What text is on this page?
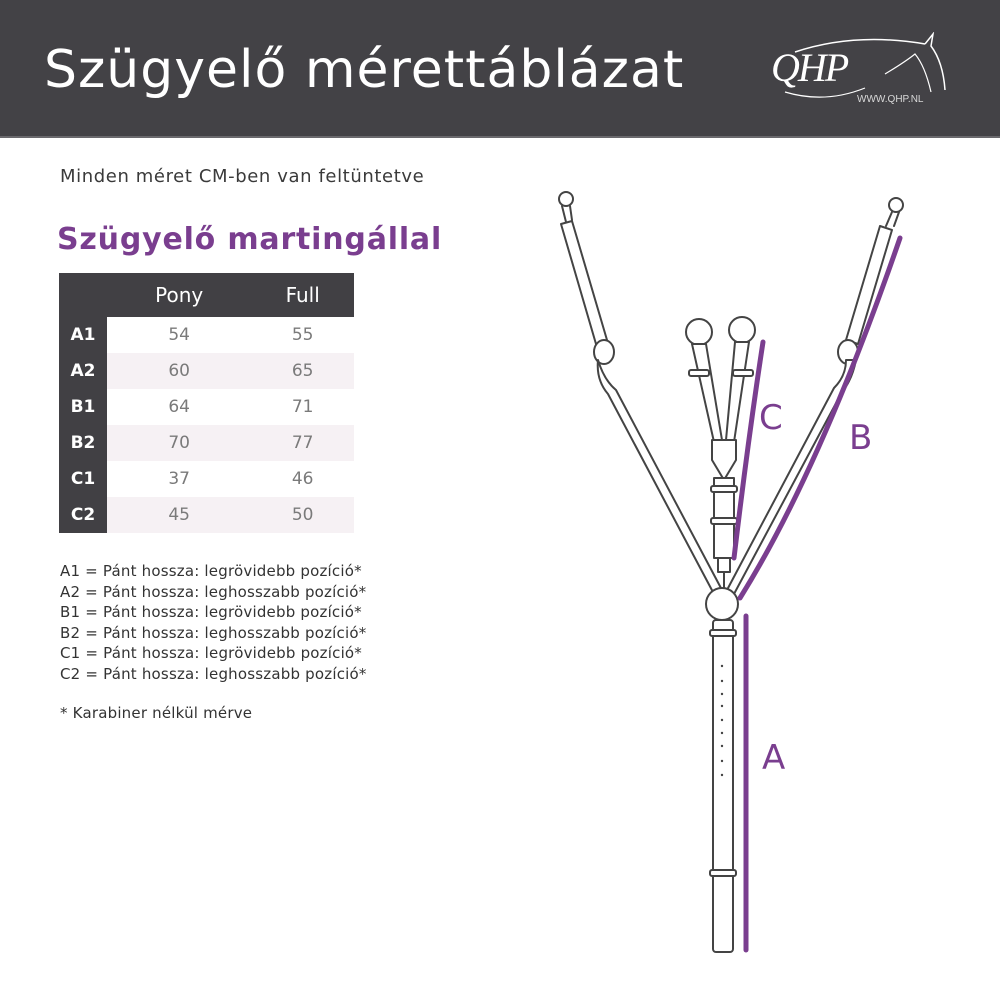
Szügyelő mérettáblázat QHP
WWW.QHP.NL
Minden méret CM-ben van feltüntetve
Szügyelő martingállal
	Pony	Full
A1	54	55
A2	60	65
B1	64	71
B2	70	77
C1	37	46
C2	45	50
A1 = Pánt hossza: legrövidebb pozíció*
A2 = Pánt hossza: leghosszabb pozíció*
B1 = Pánt hossza: legrövidebb pozíció*
B2 = Pánt hossza: leghosszabb pozíció*
C1 = Pánt hossza: legrövidebb pozíció*
C2 = Pánt hossza: leghosszabb pozíció*
* Karabiner nélkül mérve
A
B
C
